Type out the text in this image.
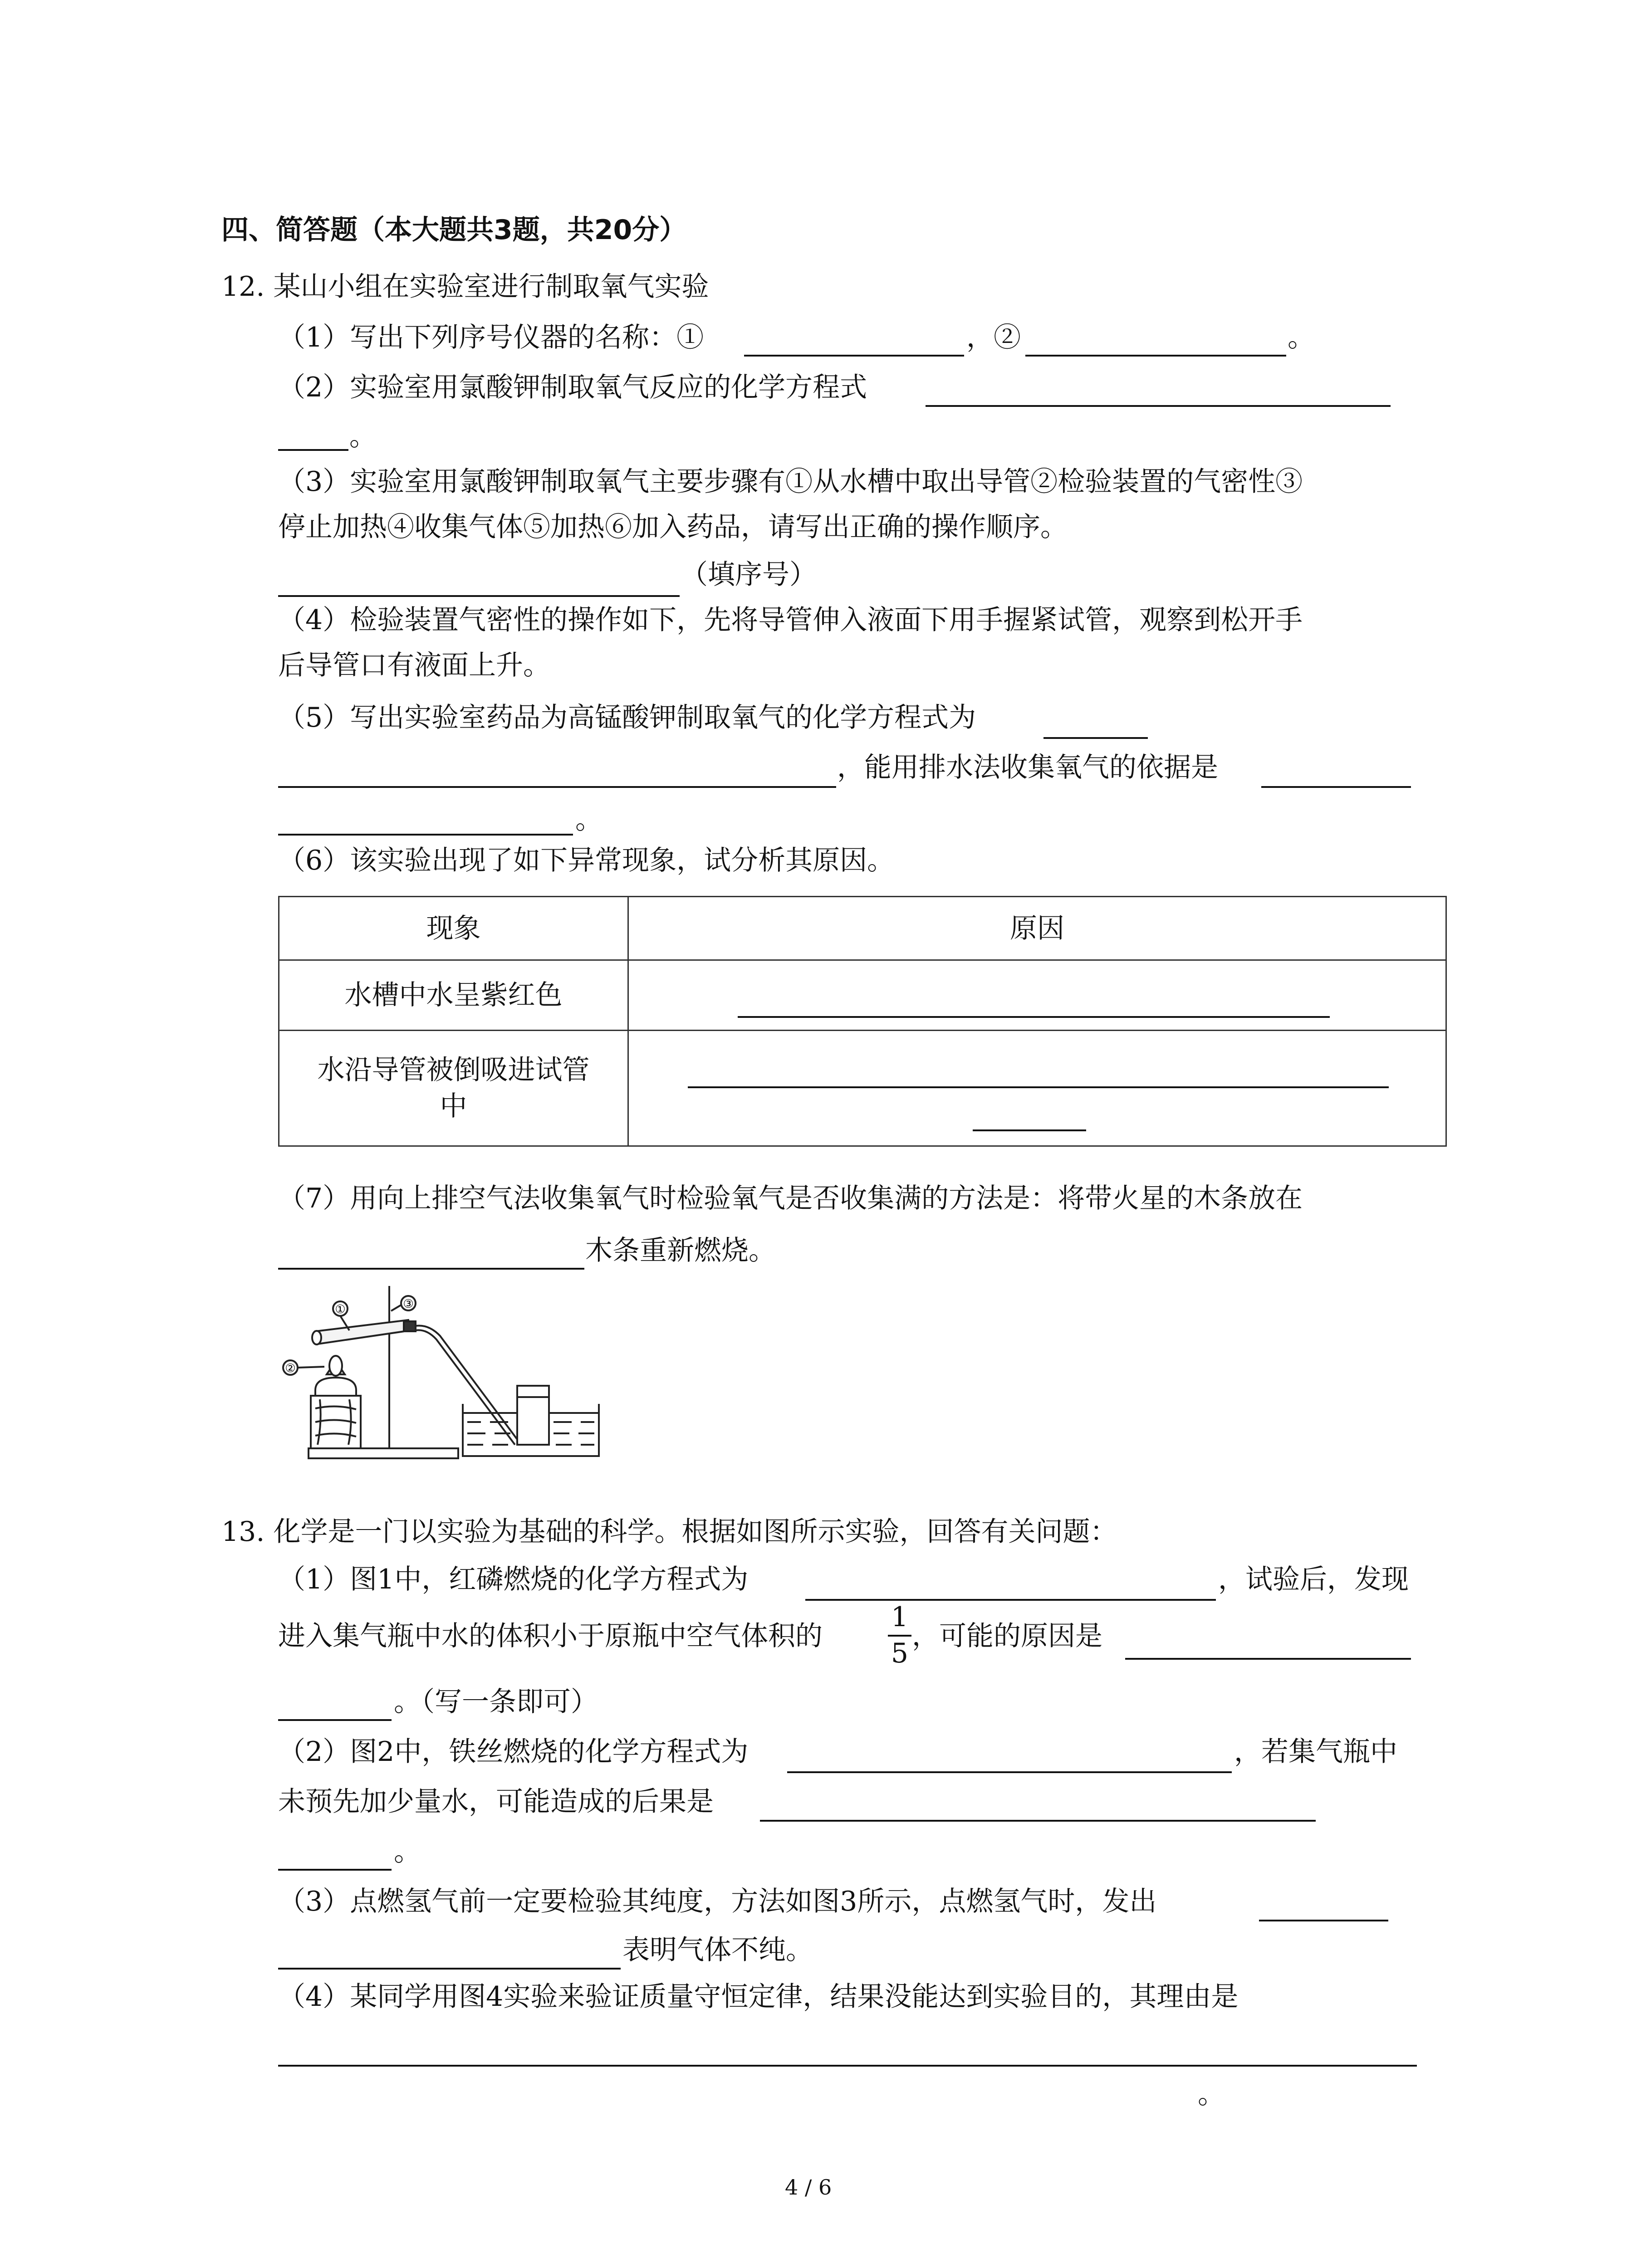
四、简答题（本大题共3题，共20分）
12. 某山小组在实验室进行制取氧气实验
（1）写出下列序号仪器的名称：①	，②	。
（2）实验室用氯酸钾制取氧气反应的化学方程式
。
（3）实验室用氯酸钾制取氧气主要步骤有①从水槽中取出导管②检验装置的气密性③
停止加热④收集气体⑤加热⑥加入药品，请写出正确的操作顺序。
（填序号）
（4）检验装置气密性的操作如下，先将导管伸入液面下用手握紧试管，观察到松开手
后导管口有液面上升。
（5）写出实验室药品为高锰酸钾制取氧气的化学方程式为
，能用排水法收集氧气的依据是
。
（6）该实验出现了如下异常现象，试分析其原因。
现象	原因
水槽中水呈紫红色	

水沿导管被倒吸进试管
中	

（7）用向上排空气法收集氧气时检验氧气是否收集满的方法是：将带火星的木条放在
木条重新燃烧。
①
②
③
13. 化学是一门以实验为基础的科学。根据如图所示实验，回答有关问题：
（1）图1中，红磷燃烧的化学方程式为	，试验后，发现
进入集气瓶中水的体积小于原瓶中空气体积的
1
5
，可能的原因是
。（写一条即可）
（2）图2中，铁丝燃烧的化学方程式为	，若集气瓶中
未预先加少量水，可能造成的后果是
。
（3）点燃氢气前一定要检验其纯度，方法如图3所示，点燃氢气时，发出
表明气体不纯。
（4）某同学用图4实验来验证质量守恒定律，结果没能达到实验目的，其理由是
。
4 / 6
